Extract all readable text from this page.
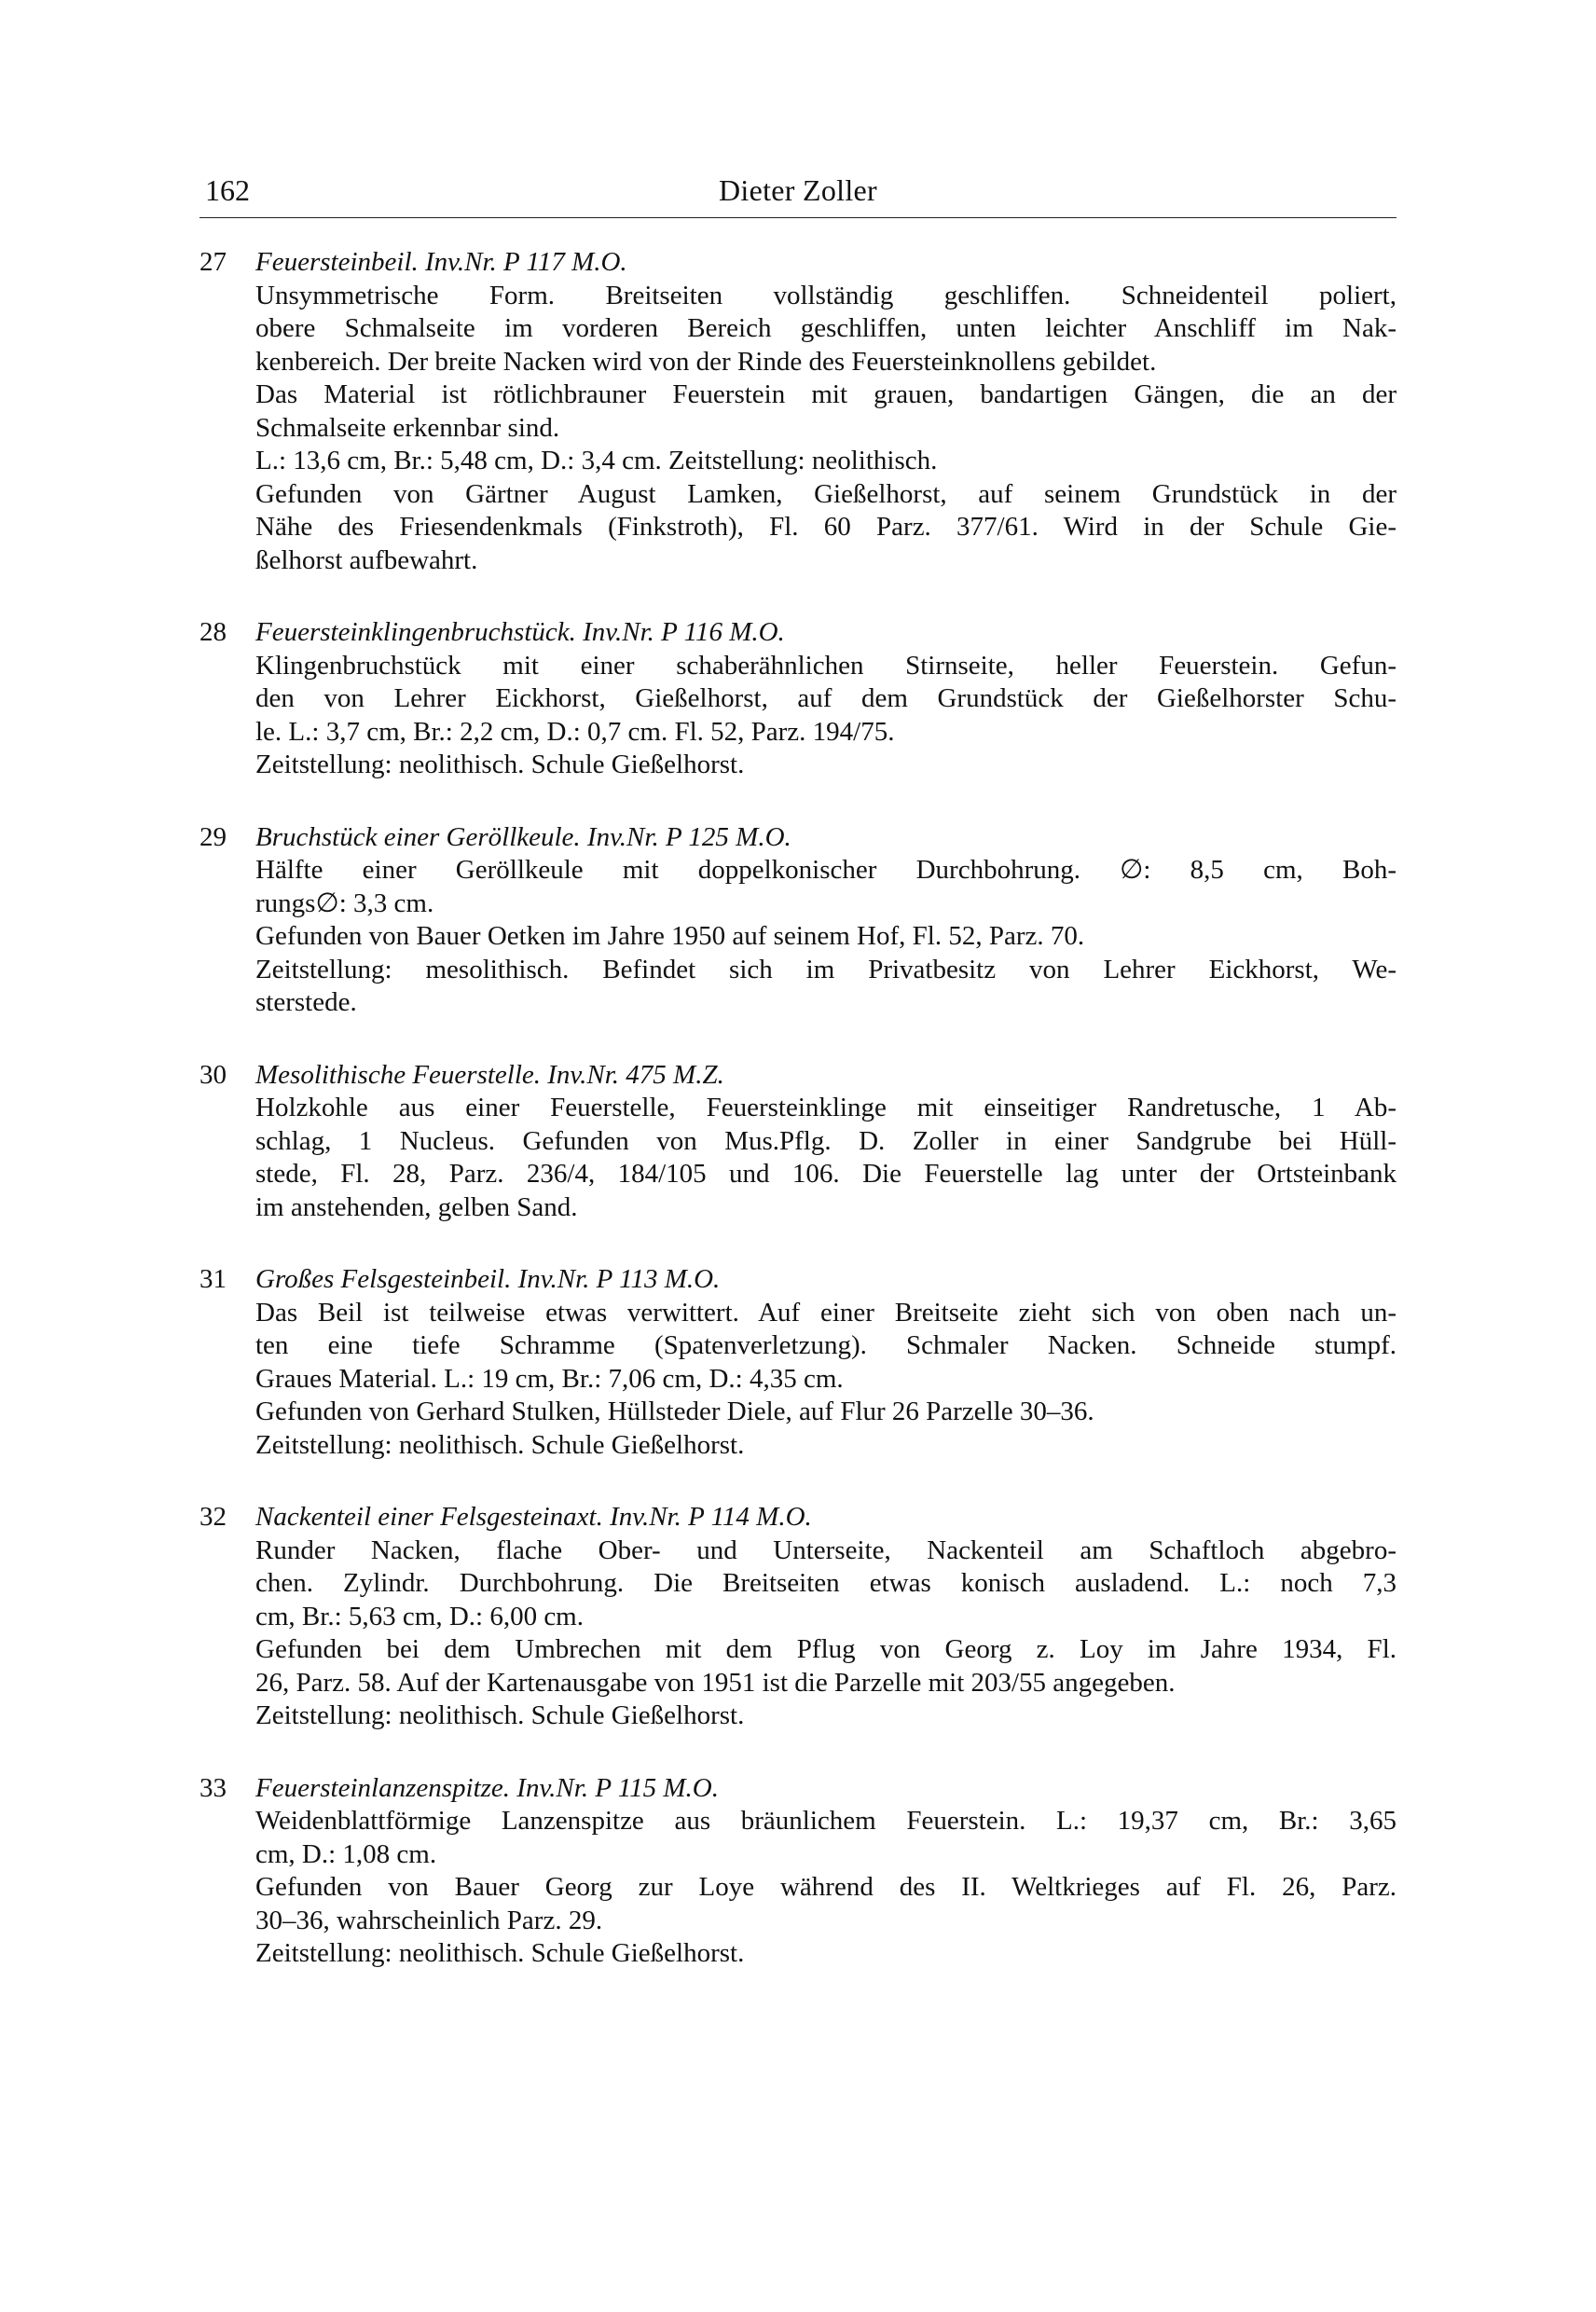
162	Dieter Zoller
27 Feuersteinbeil. Inv.Nr. P 117 M.O.

Unsymmetrische Form. Breitseiten vollständig geschliffen. Schneidenteil poliert,

obere Schmalseite im vorderen Bereich geschliffen, unten leichter Anschliff im Nak-

kenbereich. Der breite Nacken wird von der Rinde des Feuersteinknollens gebildet.

Das Material ist rötlichbrauner Feuerstein mit grauen, bandartigen Gängen, die an der

Schmalseite erkennbar sind.

L.: 13,6 cm, Br.: 5,48 cm, D.: 3,4 cm. Zeitstellung: neolithisch.

Gefunden von Gärtner August Lamken, Gießelhorst, auf seinem Grundstück in der

Nähe des Friesendenkmals (Finkstroth), Fl. 60 Parz. 377/61. Wird in der Schule Gie-

ßelhorst aufbewahrt.

28 Feuersteinklingenbruchstück. Inv.Nr. P 116 M.O.

Klingenbruchstück mit einer schaberähnlichen Stirnseite, heller Feuerstein. Gefun-

den von Lehrer Eickhorst, Gießelhorst, auf dem Grundstück der Gießelhorster Schu-

le. L.: 3,7 cm, Br.: 2,2 cm, D.: 0,7 cm. Fl. 52, Parz. 194/75.

Zeitstellung: neolithisch. Schule Gießelhorst.

29 Bruchstück einer Geröllkeule. Inv.Nr. P 125 M.O.

Hälfte einer Geröllkeule mit doppelkonischer Durchbohrung. ∅: 8,5 cm, Boh-

rungs∅: 3,3 cm.

Gefunden von Bauer Oetken im Jahre 1950 auf seinem Hof, Fl. 52, Parz. 70.

Zeitstellung: mesolithisch. Befindet sich im Privatbesitz von Lehrer Eickhorst, We-

sterstede.

30 Mesolithische Feuerstelle. Inv.Nr. 475 M.Z.

Holzkohle aus einer Feuerstelle, Feuersteinklinge mit einseitiger Randretusche, 1 Ab-

schlag, 1 Nucleus. Gefunden von Mus.Pflg. D. Zoller in einer Sandgrube bei Hüll-

stede, Fl. 28, Parz. 236/4, 184/105 und 106. Die Feuerstelle lag unter der Ortsteinbank

im anstehenden, gelben Sand.

31 Großes Felsgesteinbeil. Inv.Nr. P 113 M.O.

Das Beil ist teilweise etwas verwittert. Auf einer Breitseite zieht sich von oben nach un-

ten eine tiefe Schramme (Spatenverletzung). Schmaler Nacken. Schneide stumpf.

Graues Material. L.: 19 cm, Br.: 7,06 cm, D.: 4,35 cm.

Gefunden von Gerhard Stulken, Hüllsteder Diele, auf Flur 26 Parzelle 30–36.

Zeitstellung: neolithisch. Schule Gießelhorst.

32 Nackenteil einer Felsgesteinaxt. Inv.Nr. P 114 M.O.

Runder Nacken, flache Ober- und Unterseite, Nackenteil am Schaftloch abgebro-

chen. Zylindr. Durchbohrung. Die Breitseiten etwas konisch ausladend. L.: noch 7,3

cm, Br.: 5,63 cm, D.: 6,00 cm.

Gefunden bei dem Umbrechen mit dem Pflug von Georg z. Loy im Jahre 1934, Fl.

26, Parz. 58. Auf der Kartenausgabe von 1951 ist die Parzelle mit 203/55 angegeben.

Zeitstellung: neolithisch. Schule Gießelhorst.

33 Feuersteinlanzenspitze. Inv.Nr. P 115 M.O.

Weidenblattförmige Lanzenspitze aus bräunlichem Feuerstein. L.: 19,37 cm, Br.: 3,65

cm, D.: 1,08 cm.

Gefunden von Bauer Georg zur Loye während des II. Weltkrieges auf Fl. 26, Parz.

30–36, wahrscheinlich Parz. 29.

Zeitstellung: neolithisch. Schule Gießelhorst.
